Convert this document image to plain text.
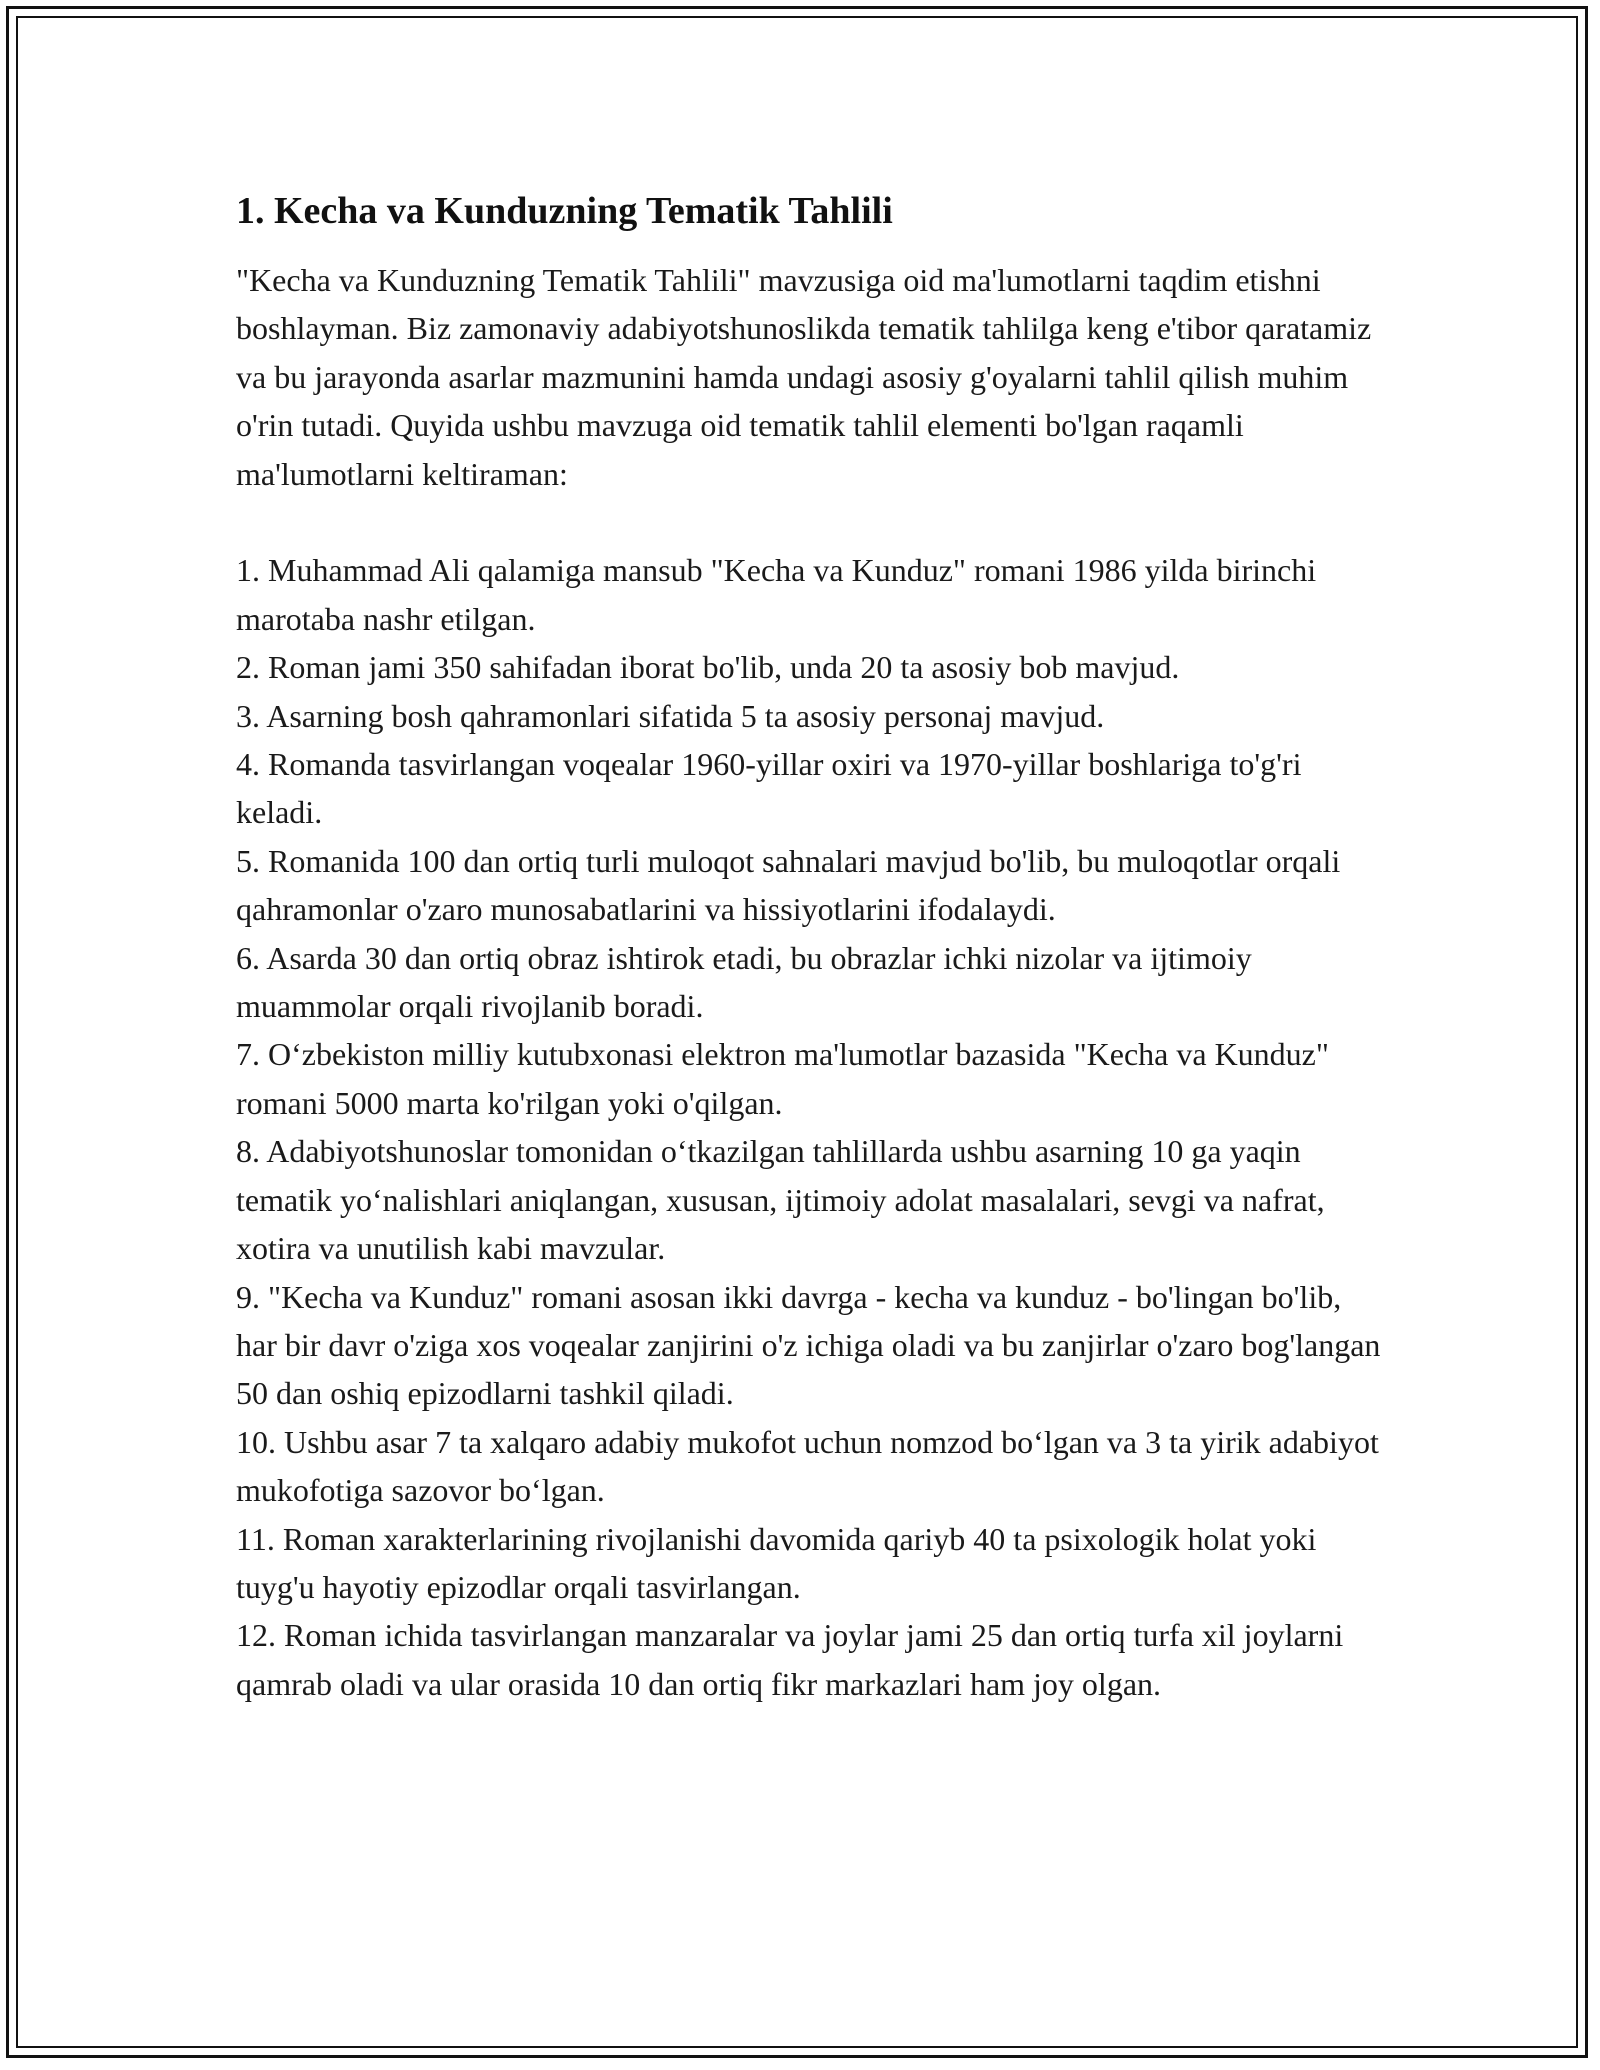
1. Kecha va Kunduzning Tematik Tahlili

"Kecha va Kunduzning Tematik Tahlili" mavzusiga oid ma'lumotlarni taqdim etishni boshlayman. Biz zamonaviy adabiyotshunoslikda tematik tahlilga keng e'tibor qaratamiz va bu jarayonda asarlar mazmunini hamda undagi asosiy g'oyalarni tahlil qilish muhim o'rin tutadi. Quyida ushbu mavzuga oid tematik tahlil elementi bo'lgan raqamli ma'lumotlarni keltiraman:

1. Muhammad Ali qalamiga mansub "Kecha va Kunduz" romani 1986 yilda birinchi marotaba nashr etilgan.
2. Roman jami 350 sahifadan iborat bo'lib, unda 20 ta asosiy bob mavjud.
3. Asarning bosh qahramonlari sifatida 5 ta asosiy personaj mavjud.
4. Romanda tasvirlangan voqealar 1960-yillar oxiri va 1970-yillar boshlariga to'g'ri keladi.
5. Romanida 100 dan ortiq turli muloqot sahnalari mavjud bo'lib, bu muloqotlar orqali qahramonlar o'zaro munosabatlarini va hissiyotlarini ifodalaydi.
6. Asarda 30 dan ortiq obraz ishtirok etadi, bu obrazlar ichki nizolar va ijtimoiy muammolar orqali rivojlanib boradi.
7. O‘zbekiston milliy kutubxonasi elektron ma'lumotlar bazasida "Kecha va Kunduz" romani 5000 marta ko'rilgan yoki o'qilgan.
8. Adabiyotshunoslar tomonidan o‘tkazilgan tahlillarda ushbu asarning 10 ga yaqin tematik yo‘nalishlari aniqlangan, xususan, ijtimoiy adolat masalalari, sevgi va nafrat, xotira va unutilish kabi mavzular.
9. "Kecha va Kunduz" romani asosan ikki davrga - kecha va kunduz - bo'lingan bo'lib, har bir davr o'ziga xos voqealar zanjirini o'z ichiga oladi va bu zanjirlar o'zaro bog'langan 50 dan oshiq epizodlarni tashkil qiladi.
10. Ushbu asar 7 ta xalqaro adabiy mukofot uchun nomzod bo‘lgan va 3 ta yirik adabiyot mukofotiga sazovor bo‘lgan.
11. Roman xarakterlarining rivojlanishi davomida qariyb 40 ta psixologik holat yoki tuyg'u hayotiy epizodlar orqali tasvirlangan.
12. Roman ichida tasvirlangan manzaralar va joylar jami 25 dan ortiq turfa xil joylarni qamrab oladi va ular orasida 10 dan ortiq fikr markazlari ham joy olgan.
